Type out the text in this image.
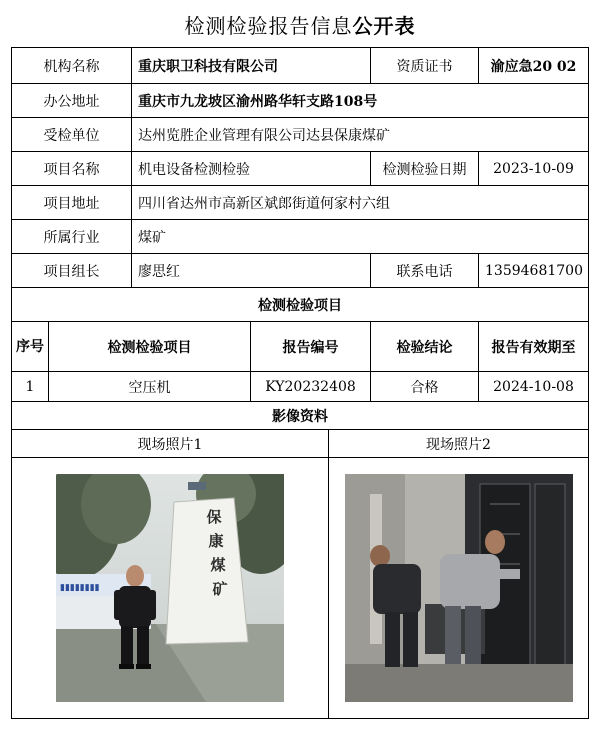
检测检验报告信息公开表
机构名称		重庆职卫科技有限公司			资质证书	渝应急20 02
办公地址		重庆市九龙坡区渝州路华轩支路108号				
受检单位		达州览胜企业管理有限公司达县保康煤矿				
项目名称		机电设备检测检验			检测检验日期	2023-10-09
项目地址		四川省达州市高新区斌郎街道何家村六组				
所属行业		煤矿				
项目组长		廖思红			联系电话	13594681700
检测检验项目						
序号	检测检验项目		报告编号		检验结论	报告有效期至
1	空压机		KY20232408		合格	2024-10-08
影像资料						
现场照片1				现场照片2		

▮▮▮▮▮▮▮▮
保
康
煤
矿
